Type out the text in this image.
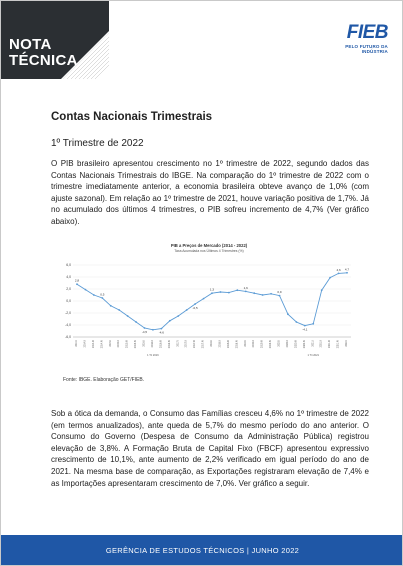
NOTA
TÉCNICA
FIEB
PELO FUTURO DA INDÚSTRIA
Contas Nacionais Trimestrais
1º Trimestre de 2022
O PIB brasileiro apresentou crescimento no 1º trimestre de 2022, segundo dados das Contas Nacionais Trimestrais do IBGE. Na comparação do 1º trimestre de 2022 com o trimestre imediatamente anterior, a economia brasileira obteve avanço de 1,0% (com ajuste sazonal). Em relação ao 1º trimestre de 2021, houve variação positiva de 1,7%. Já no acumulado dos últimos 4 trimestres, o PIB sofreu incremento de 4,7% (Ver gráfico abaixo).
PIB a Preços de Mercado (2014 - 2022)
Taxa Acumulada nos Últimos 4 Trimestres (%)
6,0
4,0
2,0
0,0
-2,0
-4,0
-6,0
2014.I 2014.II 2014.III 2014.IV 2015.I 2015.II 2015.III 2015.IV 2016.I 2016.II 2016.III 2016.IV 2017.I 2017.II 2017.III 2017.IV 2018.I 2018.II 2018.III 2018.IV 2019.I 2019.II 2019.III 2019.IV 2020.I 2020.II 2020.III 2020.IV 2021.I 2021.II 2021.III 2021.IV 2022.I
1 Tri 2016	1 Tri 2021
2,8
0,5
-4,5	-4,6
-0,5
1,3	1,6
0,9
-4,1
4,6 4,7
Fonte: IBGE. Elaboração GET/FIEB.
Sob a ótica da demanda, o Consumo das Famílias cresceu 4,6% no 1º trimestre de 2022 (em termos anualizados), ante queda de 5,7% do mesmo período do ano anterior. O Consumo do Governo (Despesa de Consumo da Administração Pública) registrou elevação de 3,8%. A Formação Bruta de Capital Fixo (FBCF) apresentou expressivo crescimento de 10,1%, ante aumento de 2,2% verificado em igual período do ano de 2021. Na mesma base de comparação, as Exportações registraram elevação de 7,4% e as Importações apresentaram crescimento de 7,0%. Ver gráfico a seguir.
GERÊNCIA DE ESTUDOS TÉCNICOS | JUNHO 2022
